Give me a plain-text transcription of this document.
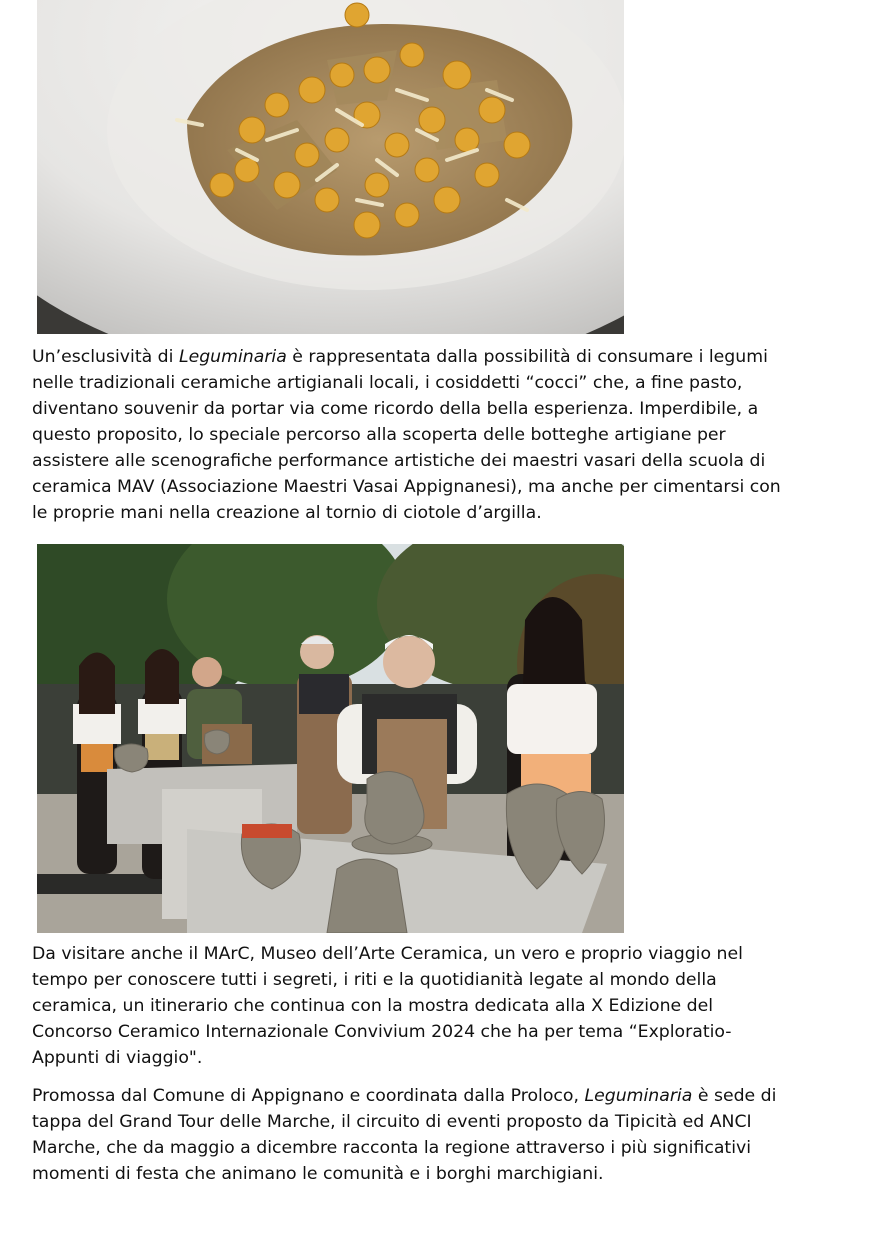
Un’esclusività di Leguminaria è rappresentata dalla possibilità di consumare i legumi nelle tradizionali ceramiche artigianali locali, i cosiddetti “cocci” che, a fine pasto, diventano souvenir da portar via come ricordo della bella esperienza. Imperdibile, a questo proposito, lo speciale percorso alla scoperta delle botteghe artigiane per assistere alle scenografiche performance artistiche dei maestri vasari della scuola di ceramica MAV (Associazione Maestri Vasai Appignanesi), ma anche per cimentarsi con le proprie mani nella creazione al tornio di ciotole d’argilla.

Da visitare anche il MArC, Museo dell’Arte Ceramica, un vero e proprio viaggio nel tempo per conoscere tutti i segreti, i riti e la quotidianità legate al mondo della ceramica, un itinerario che continua con la mostra dedicata alla X Edizione del Concorso Ceramico Internazionale Convivium 2024 che ha per tema “Exploratio-Appunti di viaggio".

Promossa dal Comune di Appignano e coordinata dalla Proloco, Leguminaria è sede di tappa del Grand Tour delle Marche, il circuito di eventi proposto da Tipicità ed ANCI Marche, che da maggio a dicembre racconta la regione attraverso i più significativi momenti di festa che animano le comunità e i borghi marchigiani.
